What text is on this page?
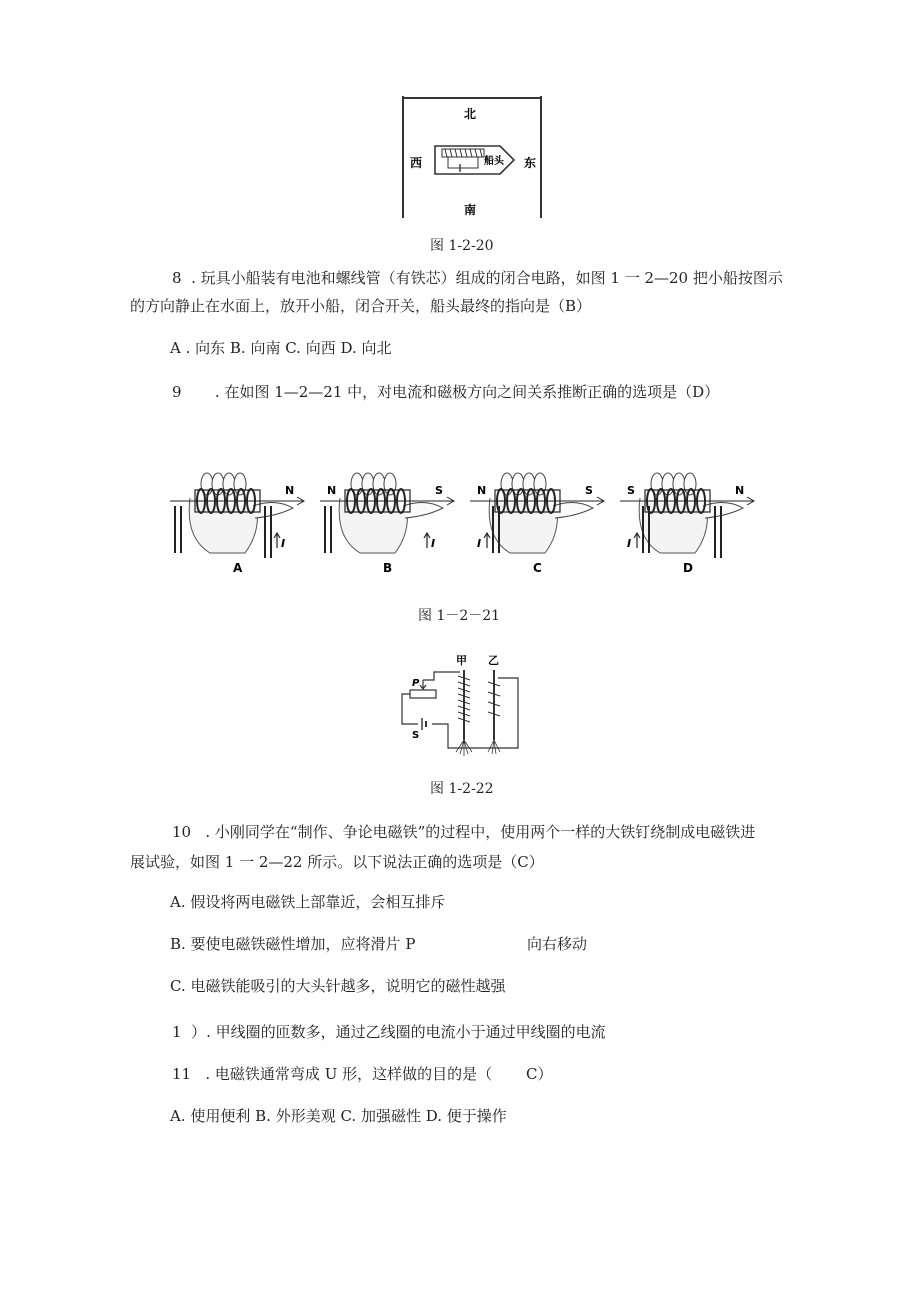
北
西	东
南
船头
图 1-2-20
8  . 玩具小船装有电池和螺线管（有铁芯）组成的闭合电路，如图 1 一 2—20 把小船按图示
的方向静止在水面上，放开小船，闭合开关，船头最终的指向是（B）
A . 向东 B. 向南 C. 向西 D. 向北
9       . 在如图 1—2—21 中，对电流和磁极方向之间关系推断正确的选项是（D）
N
I
A
N	S
I
B
N	S
I
C
S	N
I
D
图 1－2－21
甲 乙
P
S
图 1-2-22
10   . 小刚同学在“制作、争论电磁铁”的过程中，使用两个一样的大铁钉绕制成电磁铁进
展试验，如图 1 一 2—22 所示。以下说法正确的选项是（C）
A. 假设将两电磁铁上部靠近，会相互排斥
B. 要使电磁铁磁性增加，应将滑片 P	向右移动
C. 电磁铁能吸引的大头针越多，说明它的磁性越强
1  ）. 甲线圈的匝数多，通过乙线圈的电流小于通过甲线圈的电流
11   . 电磁铁通常弯成 U 形，这样做的目的是（ C）
A. 使用便利 B. 外形美观 C. 加强磁性 D. 便于操作
